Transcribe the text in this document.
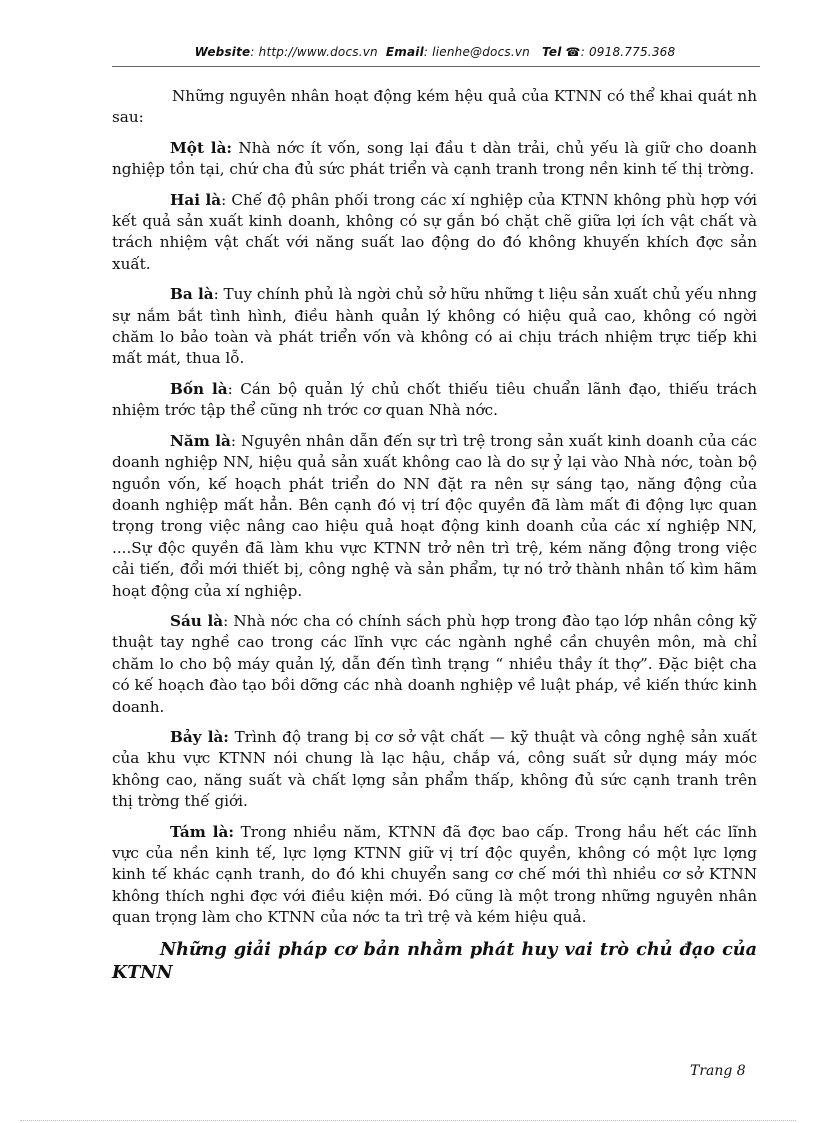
Website: http://www.docs.vn Email: lienhe@docs.vn Tel ☎: 0918.775.368

Những nguyên nhân hoạt động kém hệu quả của KTNN có thể khai quát nh sau:

Một là: Nhà nớc ít vốn, song lại đầu t dàn trải, chủ yếu là giữ cho doanh nghiệp tồn tại, chứ cha đủ sức phát triển và cạnh tranh trong nền kinh tế thị trờng.

Hai là: Chế độ phân phối trong các xí nghiệp của KTNN không phù hợp với kết quả sản xuất kinh doanh, không có sự gắn bó chặt chẽ giữa lợi ích vật chất và trách nhiệm vật chất với năng suất lao động do đó không khuyến khích đợc sản xuất.

Ba là: Tuy chính phủ là ngời chủ sở hữu những t liệu sản xuất chủ yếu nhng sự nắm bắt tình hình, điều hành quản lý không có hiệu quả cao, không có ngời chăm lo bảo toàn và phát triển vốn và không có ai chịu trách nhiệm trực tiếp khi mất mát, thua lỗ.

Bốn là: Cán bộ quản lý chủ chốt thiếu tiêu chuẩn lãnh đạo, thiếu trách nhiệm trớc tập thể cũng nh trớc cơ quan Nhà nớc.

Năm là: Nguyên nhân dẫn đến sự trì trệ trong sản xuất kinh doanh của các doanh nghiệp NN, hiệu quả sản xuất không cao là do sự ỷ lại vào Nhà nớc, toàn bộ nguồn vốn, kế hoạch phát triển do NN đặt ra nên sự sáng tạo, năng động của doanh nghiệp mất hẳn. Bên cạnh đó vị trí độc quyền đã làm mất đi động lực quan trọng trong việc nâng cao hiệu quả hoạt động kinh doanh của các xí nghiệp NN, ....Sự độc quyền đã làm khu vực KTNN trở nên trì trệ, kém năng động trong việc cải tiến, đổi mới thiết bị, công nghệ và sản phẩm, tự nó trở thành nhân tố kìm hãm hoạt động của xí nghiệp.

Sáu là: Nhà nớc cha có chính sách phù hợp trong đào tạo lớp nhân công kỹ thuật tay nghề cao trong các lĩnh vực các ngành nghề cần chuyên môn, mà chỉ chăm lo cho bộ máy quản lý, dẫn đến tình trạng “ nhiều thầy ít thợ”. Đặc biệt cha có kế hoạch đào tạo bồi dỡng các nhà doanh nghiệp về luật pháp, về kiến thức kinh doanh.

Bảy là: Trình độ trang bị cơ sở vật chất — kỹ thuật và công nghệ sản xuất của khu vực KTNN nói chung là lạc hậu, chắp vá, công suất sử dụng máy móc không cao, năng suất và chất lợng sản phẩm thấp, không đủ sức cạnh tranh trên thị trờng thế giới.

Tám là: Trong nhiều năm, KTNN đã đợc bao cấp. Trong hầu hết các lĩnh vực của nền kinh tế, lực lợng KTNN giữ vị trí độc quyền, không có một lực lợng kinh tế khác cạnh tranh, do đó khi chuyển sang cơ chế mới thì nhiều cơ sở KTNN không thích nghi đợc với điều kiện mới. Đó cũng là một trong những nguyên nhân quan trọng làm cho KTNN của nớc ta trì trệ và kém hiệu quả.

Những giải pháp cơ bản nhằm phát huy vai trò chủ đạo của KTNN
Trang 8
